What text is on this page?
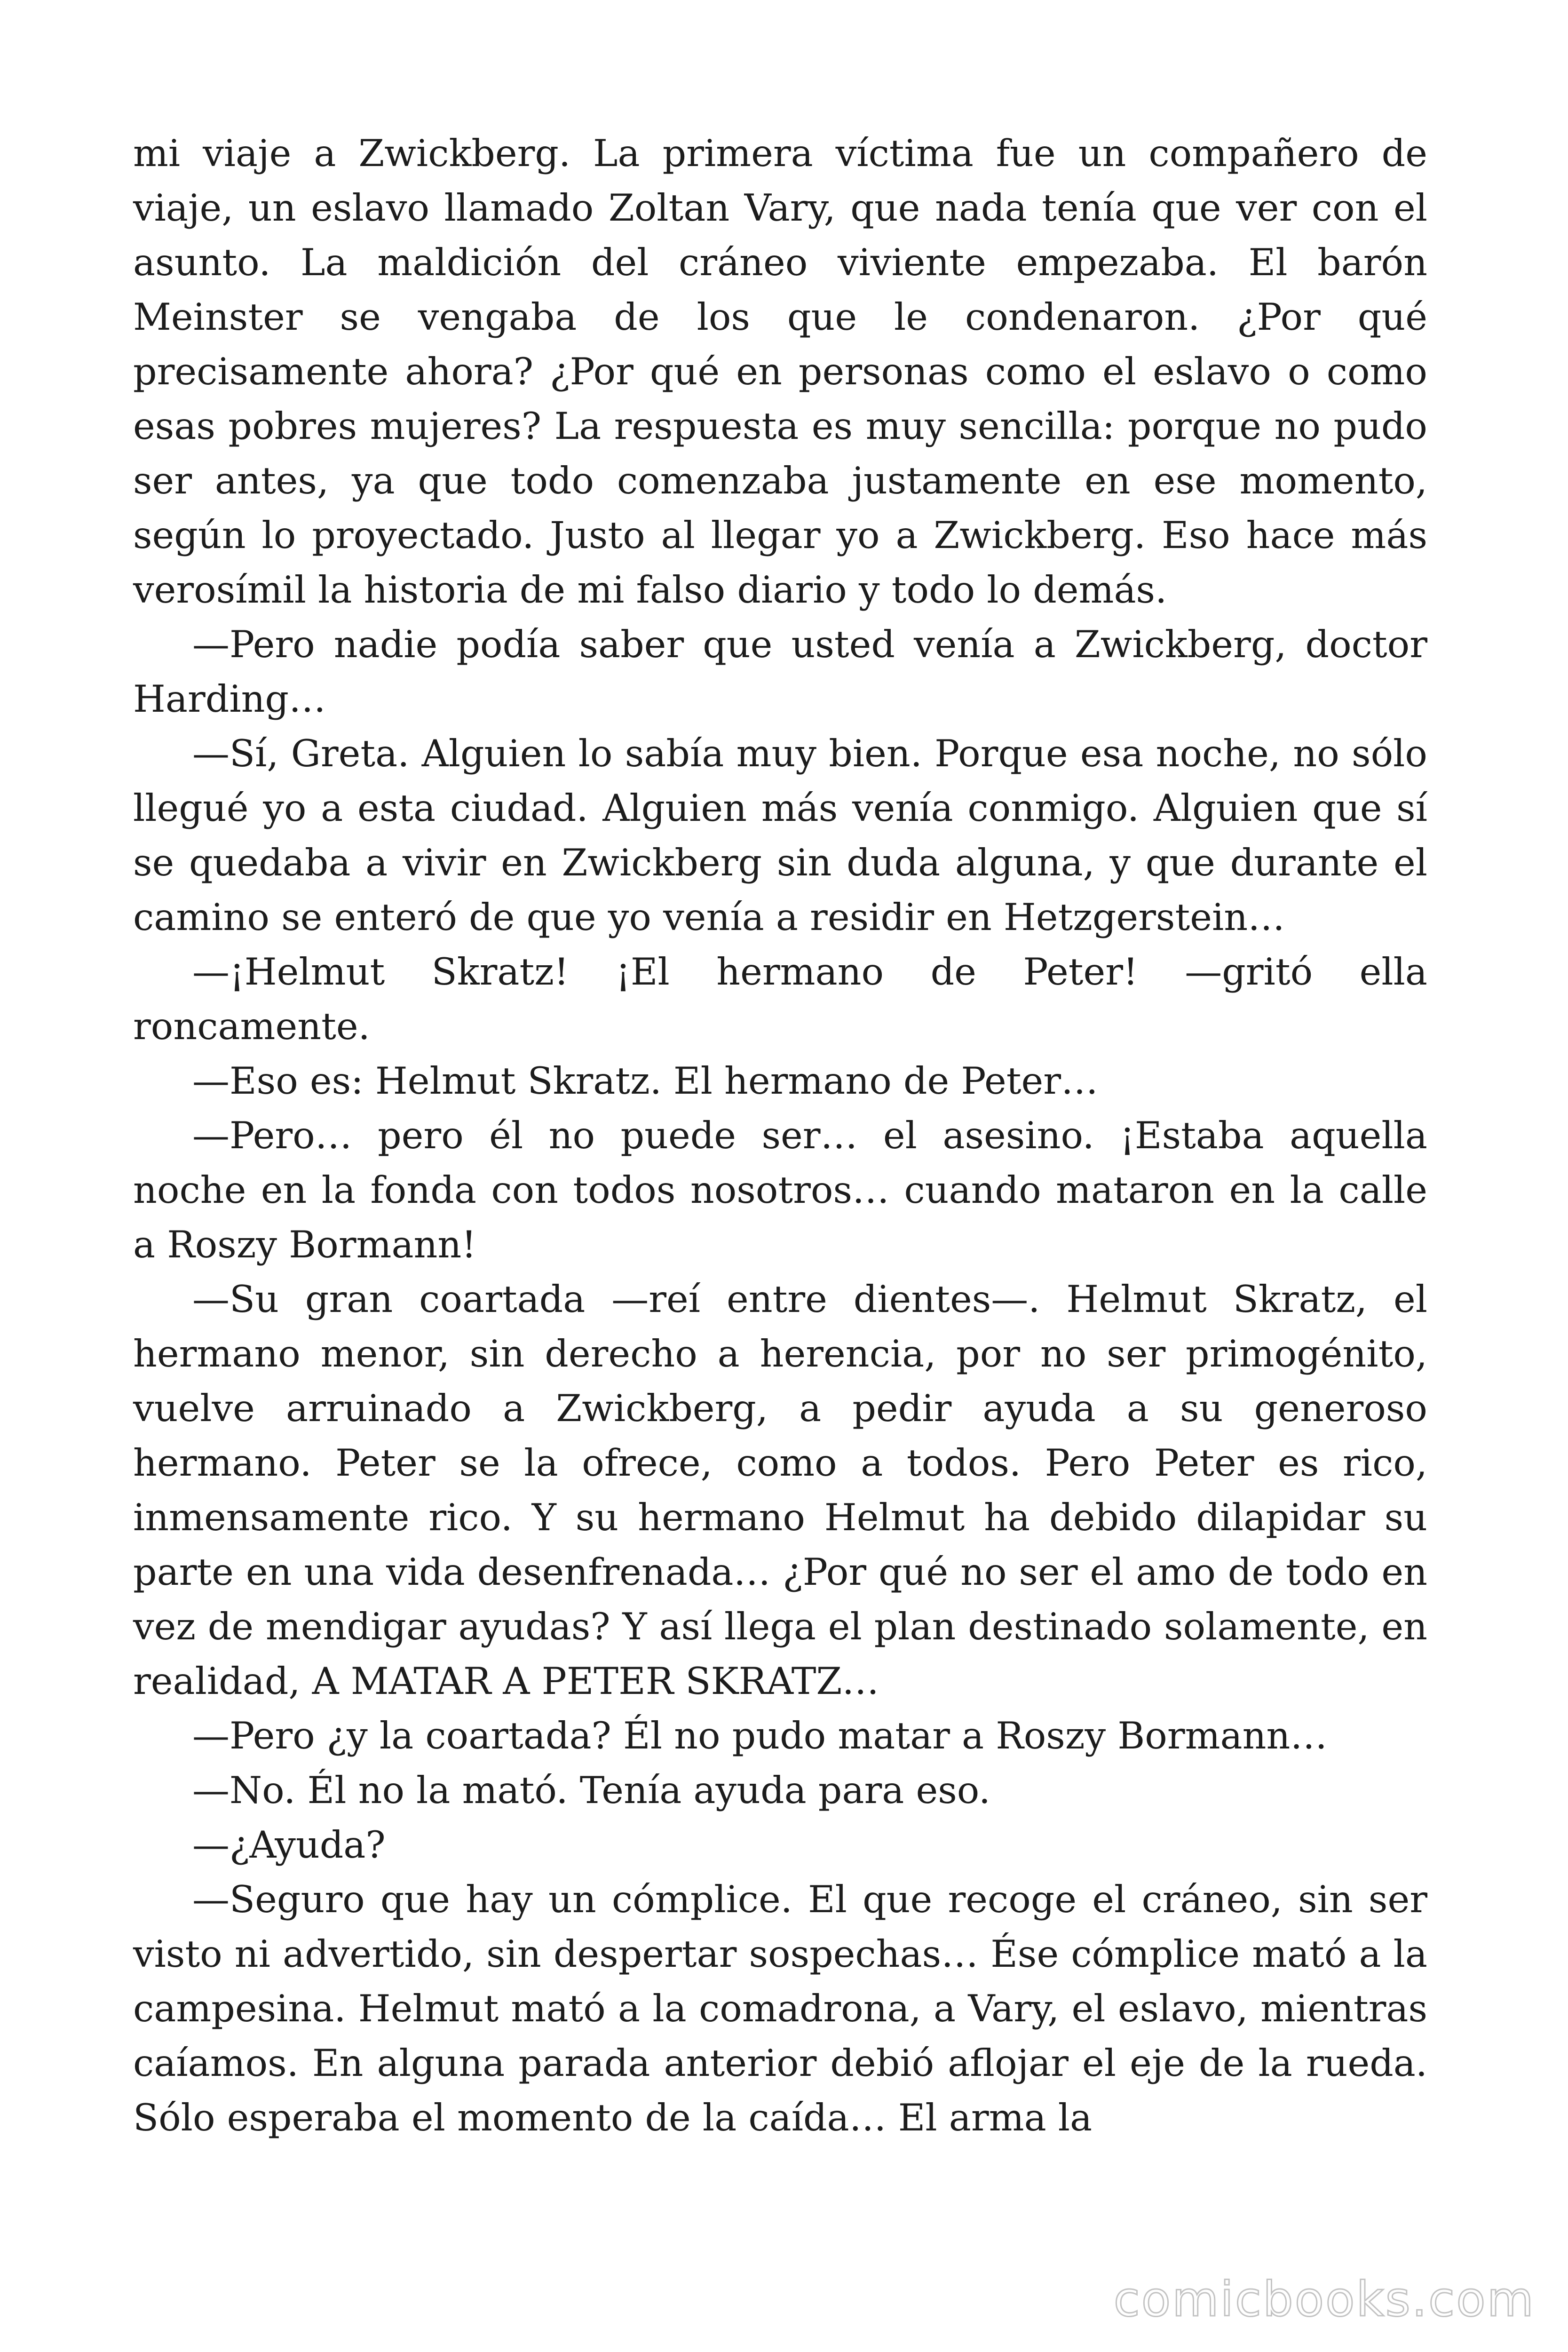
mi viaje a Zwickberg. La primera víctima fue un compañero de viaje, un eslavo llamado Zoltan Vary, que nada tenía que ver con el asunto. La maldición del cráneo viviente empezaba. El barón Meinster se vengaba de los que le condenaron. ¿Por qué precisamente ahora? ¿Por qué en personas como el eslavo o como esas pobres mujeres? La respuesta es muy sencilla: porque no pudo ser antes, ya que todo comenzaba justamente en ese momento, según lo proyectado. Justo al llegar yo a Zwickberg. Eso hace más verosímil la historia de mi falso diario y todo lo demás.

—Pero nadie podía saber que usted venía a Zwickberg, doctor Harding…

—Sí, Greta. Alguien lo sabía muy bien. Porque esa noche, no sólo llegué yo a esta ciudad. Alguien más venía conmigo. Alguien que sí se quedaba a vivir en Zwickberg sin duda alguna, y que durante el camino se enteró de que yo venía a residir en Hetzgerstein…

—¡Helmut Skratz! ¡El hermano de Peter! —gritó ella roncamente.

—Eso es: Helmut Skratz. El hermano de Peter…

—Pero… pero él no puede ser… el asesino. ¡Estaba aquella noche en la fonda con todos nosotros… cuando mataron en la calle a Roszy Bormann!

—Su gran coartada —reí entre dientes—. Helmut Skratz, el hermano menor, sin derecho a herencia, por no ser primogénito, vuelve arruinado a Zwickberg, a pedir ayuda a su generoso hermano. Peter se la ofrece, como a todos. Pero Peter es rico, inmensamente rico. Y su hermano Helmut ha debido dilapidar su parte en una vida desenfrenada… ¿Por qué no ser el amo de todo en vez de mendigar ayudas? Y así llega el plan destinado solamente, en realidad, A MATAR A PETER SKRATZ…

—Pero ¿y la coartada? Él no pudo matar a Roszy Bormann…

—No. Él no la mató. Tenía ayuda para eso.

—¿Ayuda?

—Seguro que hay un cómplice. El que recoge el cráneo, sin ser visto ni advertido, sin despertar sospechas… Ése cómplice mató a la campesina. Helmut mató a la comadrona, a Vary, el eslavo, mientras caíamos. En alguna parada anterior debió aflojar el eje de la rueda. Sólo esperaba el momento de la caída… El arma la

comicbooks.com
